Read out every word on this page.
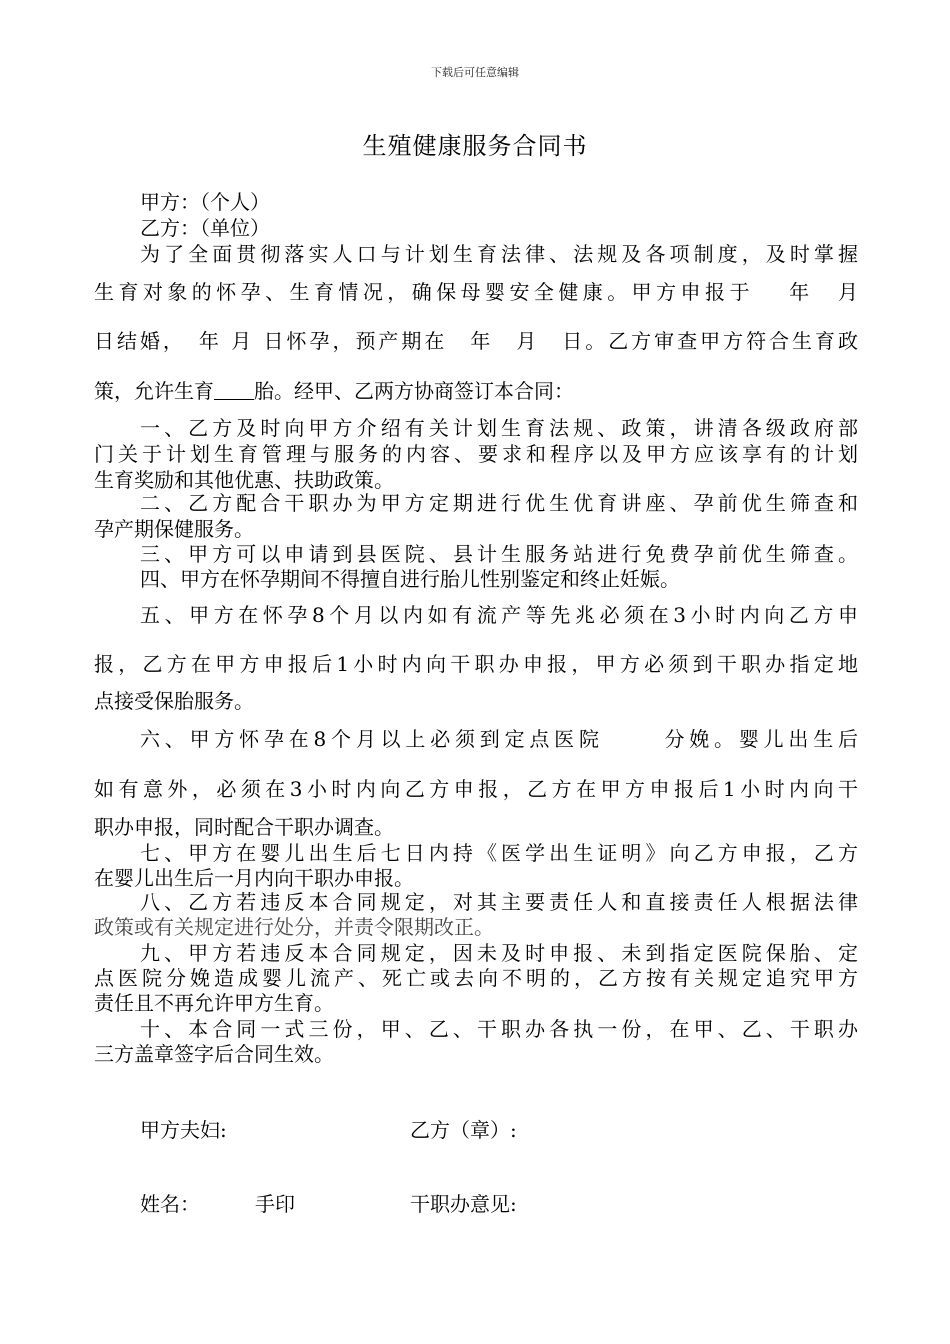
下载后可任意编辑
生殖健康服务合同书
甲方：（个人）
乙方：（单位）
为了全面贯彻落实人口与计划生育法律、法规及各项制度，及时掌握
生育对象的怀孕、生育情况，确保母婴安全健康。甲方申报于　 年　月
日结婚，　年 月 日怀孕，预产期在　年　月　日。乙方审查甲方符合生育政
策，允许生育 胎。经甲、乙两方协商签订本合同：
一、乙方及时向甲方介绍有关计划生育法规、政策，讲清各级政府部
门关于计划生育管理与服务的内容、要求和程序以及甲方应该享有的计划
生育奖励和其他优惠、扶助政策。
二、乙方配合干职办为甲方定期进行优生优育讲座、孕前优生筛查和
孕产期保健服务。
三、甲方可以申请到县医院、县计生服务站进行免费孕前优生筛查。
四、甲方在怀孕期间不得擅自进行胎儿性别鉴定和终止妊娠。
五、甲方在怀孕8个月以内如有流产等先兆必须在3小时内向乙方申
报，乙方在甲方申报后1小时内向干职办申报，甲方必须到干职办指定地
点接受保胎服务。
六、甲方怀孕在8个月以上必须到定点医院　　 分娩。婴儿出生后
如有意外，必须在3小时内向乙方申报，乙方在甲方申报后1小时内向干
职办申报，同时配合干职办调查。
七、甲方在婴儿出生后七日内持《医学出生证明》向乙方申报，乙方
在婴儿出生后一月内向干职办申报。
八、乙方若违反本合同规定，对其主要责任人和直接责任人根据法律
政策或有关规定进行处分，并责令限期改正。
九、甲方若违反本合同规定，因未及时申报、未到指定医院保胎、定
点医院分娩造成婴儿流产、死亡或去向不明的，乙方按有关规定追究甲方
责任且不再允许甲方生育。
十、本合同一式三份，甲、乙、干职办各执一份，在甲、乙、干职办
三方盖章签字后合同生效。
甲方夫妇:	乙方（章）:
姓名：	手印	干职办意见:
